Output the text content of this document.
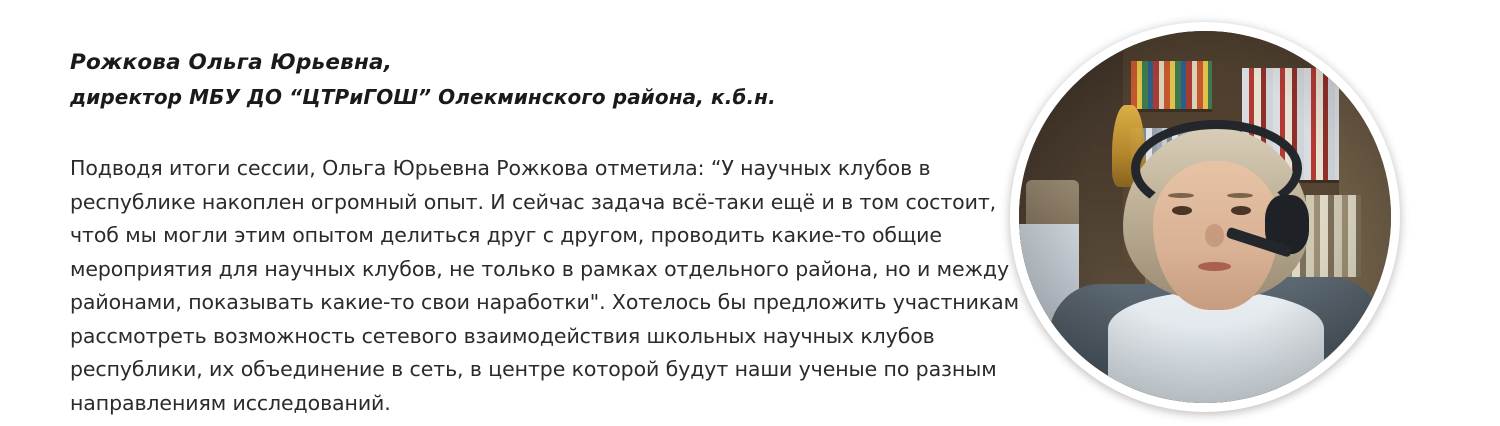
Рожкова Ольга Юрьевна,
директор МБУ ДО “ЦТРиГОШ” Олекминского района, к.б.н.
Подводя итоги сессии, Ольга Юрьевна Рожкова отметила: “У научных клубов в республике накоплен огромный опыт. И сейчас задача всё-таки ещё и в том состоит, чтоб мы могли этим опытом делиться друг с другом, проводить какие-то общие мероприятия для научных клубов, не только в рамках отдельного района, но и между районами, показывать какие-то свои наработки". Хотелось бы предложить участникам рассмотреть возможность сетевого взаимодействия школьных научных клубов республики, их объединение в сеть, в центре которой будут наши ученые по разным направлениям исследований.
